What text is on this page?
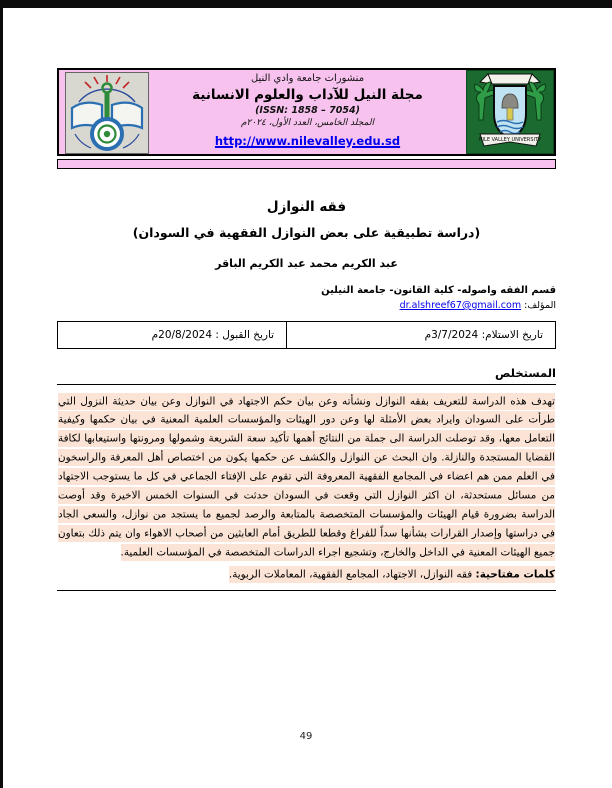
منشورات جامعة وادي النيل
مجلة النيل للآداب والعلوم الانسانية
(ISSN: 1858 – 7054)
المجلد الخامس، العدد الأول، ٢٠٢٤م
http://www.nilevalley.edu.sd	NILE VALLEY UNIVERSITY
فقه النوازل
(دراسة تطبيقية على بعض النوازل الفقهية في السودان)
عبد الكريم محمد عبد الكريم الباقر
قسم الفقه واصوله- كلية القانون- جامعة النيلين
المؤلف: dr.alshreef67@gmail.com
تاريخ الاستلام: 3/7/2024م	تاريخ القبول : 20/8/2024م
المستخلص

تهدف هذه الدراسة للتعريف بفقه النوازل ونشأته وعن بيان حكم الاجتهاد في النوازل وعن بيان حديثة النزول التي طرأت على السودان وايراد بعض الأمثلة لها وعن دور الهيئات والمؤسسات العلمية المعنية في بيان حكمها وكيفية التعامل معها، وقد توصلت الدراسة الى جملة من النتائج أهمها تأكيد سعة الشريعة وشمولها ومرونتها واستيعابها لكافة القضايا المستجدة والنازلة. وان البحث عن النوازل والكشف عن حكمها يكون من اختصاص أهل المعرفة والراسخون في العلم ممن هم اعضاء في المجامع الفقهية المعروفة التي تقوم على الإفتاء الجماعي في كل ما يستوجب الاجتهاد من مسائل مستحدثة، ان اكثر النوازل التي وقعت في السودان حدثت في السنوات الخمس الاخيرة وقد أوصت الدراسة بضرورة قيام الهيئات والمؤسسات المتخصصة بالمتابعة والرصد لجميع ما يستجد من نوازل، والسعي الجاد في دراستها وإصدار القرارات بشأنها سداً للفراغ وقطعا للطريق أمام العابثين من أصحاب الاهواء وان يتم ذلك بتعاون جميع الهيئات المعنية في الداخل والخارج، وتشجيع اجراء الدراسات المتخصصة في المؤسسات العلمية.

كلمات مفتاحية: فقه النوازل، الاجتهاد، المجامع الفقهية، المعاملات الربوية.

49
